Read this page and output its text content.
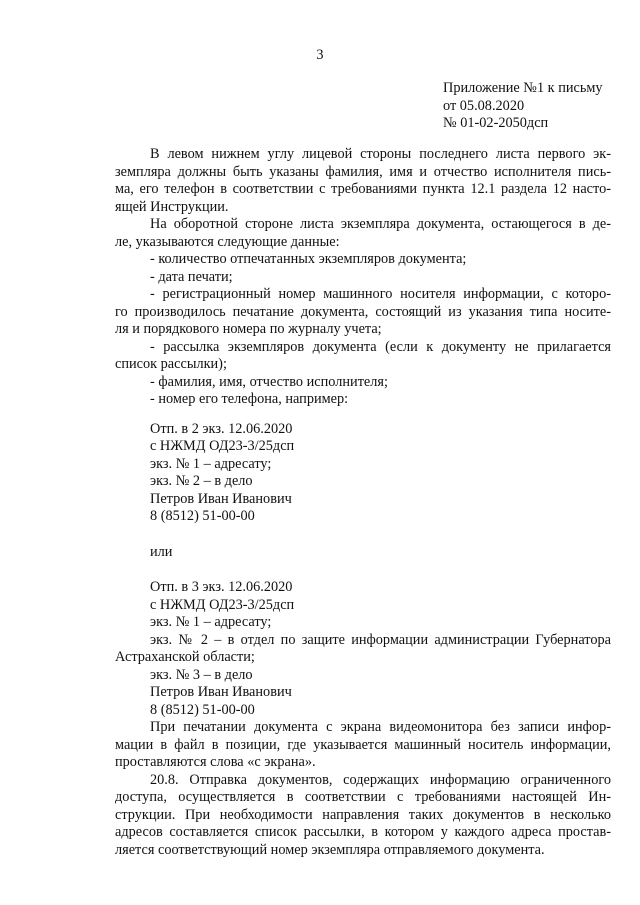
3
Приложение №1 к письму
от 05.08.2020
№ 01-02-2050дсп
В левом нижнем углу лицевой стороны последнего листа первого эк-
земпляра должны быть указаны фамилия, имя и отчество исполнителя пись-
ма, его телефон в соответствии с требованиями пункта 12.1 раздела 12 насто-
ящей Инструкции.
На оборотной стороне листа экземпляра документа, остающегося в де-
ле, указываются следующие данные:
- количество отпечатанных экземпляров документа;
- дата печати;
- регистрационный номер машинного носителя информации, с которо-
го производилось печатание документа, состоящий из указания типа носите-
ля и порядкового номера по журналу учета;
- рассылка экземпляров документа (если к документу не прилагается
список рассылки);
- фамилия, имя, отчество исполнителя;
- номер его телефона, например:
Отп. в 2 экз. 12.06.2020
с НЖМД ОД23-3/25дсп
экз. № 1 – адресату;
экз. № 2 – в дело
Петров Иван Иванович
8 (8512) 51-00-00
или
Отп. в 3 экз. 12.06.2020
с НЖМД ОД23-3/25дсп
экз. № 1 – адресату;
экз. № 2 – в отдел по защите информации администрации Губернатора
Астраханской области;
экз. № 3 – в дело
Петров Иван Иванович
8 (8512) 51-00-00
При печатании документа с экрана видеомонитора без записи инфор-
мации в файл в позиции, где указывается машинный носитель информации,
проставляются слова «с экрана».
20.8. Отправка документов, содержащих информацию ограниченного
доступа, осуществляется в соответствии с требованиями настоящей Ин-
струкции. При необходимости направления таких документов в несколько
адресов составляется список рассылки, в котором у каждого адреса простав-
ляется соответствующий номер экземпляра отправляемого документа.
